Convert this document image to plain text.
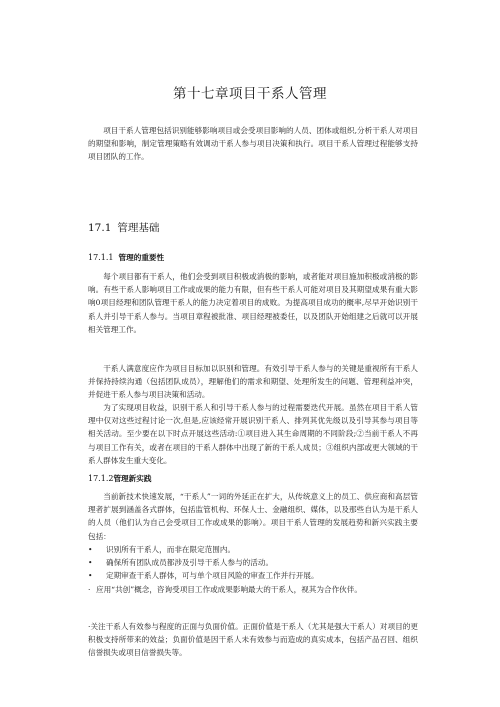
第十七章项目干系人管理

项目干系人管理包括识别能够影响项目或会受项目影响的人员、团体或组织,分析干系人对项目的期望和影响，制定管理策略有效调动干系人参与项目决策和执行。项目干系人管理过程能够支持项目团队的工作。

17.1 管理基础
17.1.1 管理的重要性

每个项目都有干系人，他们会受到项目积极或消极的影响，或者能对项目施加积极或消极的影响。有些干系人影响项目工作或成果的能力有限，但有些干系人可能对项目及其期望成果有重大影响0项目经理和团队管理干系人的能力决定着项目的成败。为提高项目成功的概率,尽早开始识别干系人并引导干系人参与。当项目章程被批准、项目经理被委任，以及团队开始组建之后就可以开展相关管理工作。

干系人满意度应作为项目目标加以识别和管理。有效引导干系人参与的关键是重视所有干系人并保持持续沟通（包括团队成员），理解他们的需求和期望、处理所发生的问题、管理利益冲突，并促进干系人参与项目决策和活动。

为了实现项目收益，识别干系人和引导干系人参与的过程需要迭代开展。虽然在项目干系人管理中仅对这些过程讨论一次,但是,应该经常开展识别干系人、排列其优先级以及引导其参与项目等相关活动。至少要在以下时点开展这些活动:①项目进入其生命周期的不同阶段;②当前干系人不再与项目工作有关，或者在项目的干系人群体中出现了新的干系人成员；③组织内部或更大领域的干系人群体发生重大变化。

17.1.2管理新实践

当前新技术快速发展，“干系人”一词的外延正在扩大，从传统意义上的员工、供应商和高层管理者扩展到涵盖各式群体，包括监管机构、环保人士、金融组织、媒体，以及那些自认为是干系人的人员（他们认为自己会受项目工作或成果的影响）。项目干系人管理的发展趋势和新兴实践主要包括：

•	识别所有干系人，而非在限定范围内。
•	确保所有团队成员都涉及引导干系人参与的活动。
•	定期审查干系人群体，可与单个项目风险的审查工作并行开展。
· 应用“共创”概念，咨询受项目工作或成果影响最大的干系人，视其为合作伙伴。

·关注干系人有效参与程度的正面与负面价值。正面价值是干系人（尤其是强大干系人）对项目的更积极支持所带来的效益；负面价值是因干系人未有效参与而造成的真实成本，包括产品召回、组织信誉损失或项目信誉损失等。
